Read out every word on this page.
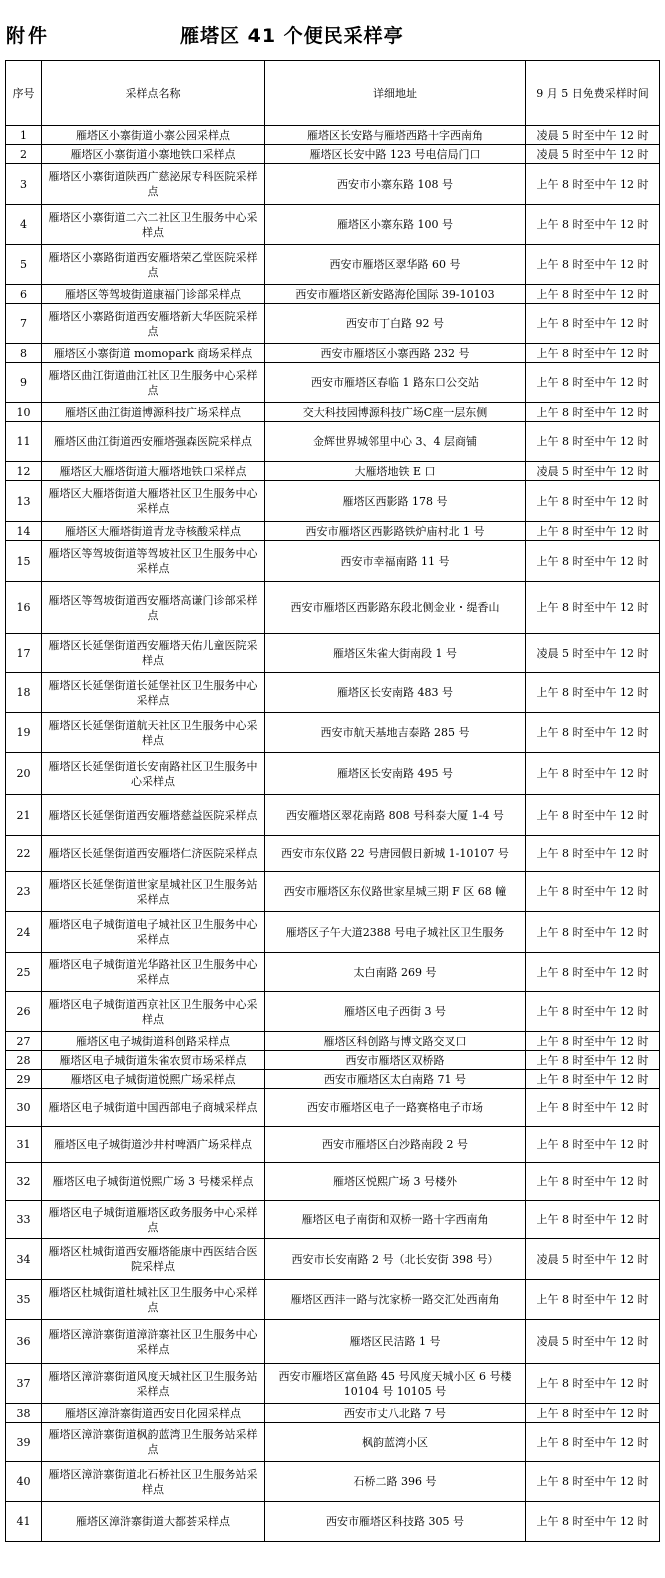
附件	雁塔区 41 个便民采样亭
序号	采样点名称	详细地址	9 月 5 日免费采样时间
1	雁塔区小寨街道小寨公园采样点	雁塔区长安路与雁塔西路十字西南角	凌晨 5 时至中午 12 时
2	雁塔区小寨街道小寨地铁口采样点	雁塔区长安中路 123 号电信局门口	凌晨 5 时至中午 12 时
3	雁塔区小寨街道陕西广慈泌尿专科医院采样点	西安市小寨东路 108 号	上午 8 时至中午 12 时
4	雁塔区小寨街道二六二社区卫生服务中心采样点	雁塔区小寨东路 100 号	上午 8 时至中午 12 时
5	雁塔区小寨路街道西安雁塔荣乙堂医院采样点	西安市雁塔区翠华路 60 号	上午 8 时至中午 12 时
6	雁塔区等驾坡街道康福门诊部采样点	西安市雁塔区新安路海伦国际 39-10103	上午 8 时至中午 12 时
7	雁塔区小寨路街道西安雁塔新大华医院采样点	西安市丁白路 92 号	上午 8 时至中午 12 时
8	雁塔区小寨街道 momopark 商场采样点	西安市雁塔区小寨西路 232 号	上午 8 时至中午 12 时
9	雁塔区曲江街道曲江社区卫生服务中心采样点	西安市雁塔区春临 1 路东口公交站	上午 8 时至中午 12 时
10	雁塔区曲江街道博源科技广场采样点	交大科技园博源科技广场C座一层东侧	上午 8 时至中午 12 时
11	雁塔区曲江街道西安雁塔强森医院采样点	金辉世界城邻里中心 3、4 层商铺	上午 8 时至中午 12 时
12	雁塔区大雁塔街道大雁塔地铁口采样点	大雁塔地铁 E 口	凌晨 5 时至中午 12 时
13	雁塔区大雁塔街道大雁塔社区卫生服务中心采样点	雁塔区西影路 178 号	上午 8 时至中午 12 时
14	雁塔区大雁塔街道青龙寺核酸采样点	西安市雁塔区西影路铁炉庙村北 1 号	上午 8 时至中午 12 时
15	雁塔区等驾坡街道等驾坡社区卫生服务中心采样点	西安市幸福南路 11 号	上午 8 时至中午 12 时
16	雁塔区等驾坡街道西安雁塔高谦门诊部采样点	西安市雁塔区西影路东段北侧金业・缇香山	上午 8 时至中午 12 时
17	雁塔区长延堡街道西安雁塔天佑儿童医院采样点	雁塔区朱雀大街南段 1 号	凌晨 5 时至中午 12 时
18	雁塔区长延堡街道长延堡社区卫生服务中心采样点	雁塔区长安南路 483 号	上午 8 时至中午 12 时
19	雁塔区长延堡街道航天社区卫生服务中心采样点	西安市航天基地吉泰路 285 号	上午 8 时至中午 12 时
20	雁塔区长延堡街道长安南路社区卫生服务中心采样点	雁塔区长安南路 495 号	上午 8 时至中午 12 时
21	雁塔区长延堡街道西安雁塔慈益医院采样点	西安雁塔区翠花南路 808 号科泰大厦 1-4 号	上午 8 时至中午 12 时
22	雁塔区长延堡街道西安雁塔仁济医院采样点	西安市东仪路 22 号唐园假日新城 1-10107 号	上午 8 时至中午 12 时
23	雁塔区长延堡街道世家星城社区卫生服务站采样点	西安市雁塔区东仪路世家星城三期 F 区 68 幢	上午 8 时至中午 12 时
24	雁塔区电子城街道电子城社区卫生服务中心采样点	雁塔区子午大道2388 号电子城社区卫生服务	上午 8 时至中午 12 时
25	雁塔区电子城街道光华路社区卫生服务中心采样点	太白南路 269 号	上午 8 时至中午 12 时
26	雁塔区电子城街道西京社区卫生服务中心采样点	雁塔区电子西街 3 号	上午 8 时至中午 12 时
27	雁塔区电子城街道科创路采样点	雁塔区科创路与博文路交叉口	上午 8 时至中午 12 时
28	雁塔区电子城街道朱雀农贸市场采样点	西安市雁塔区双桥路	上午 8 时至中午 12 时
29	雁塔区电子城街道悦熙广场采样点	西安市雁塔区太白南路 71 号	上午 8 时至中午 12 时
30	雁塔区电子城街道中国西部电子商城采样点	西安市雁塔区电子一路赛格电子市场	上午 8 时至中午 12 时
31	雁塔区电子城街道沙井村啤酒广场采样点	西安市雁塔区白沙路南段 2 号	上午 8 时至中午 12 时
32	雁塔区电子城街道悦熙广场 3 号楼采样点	雁塔区悦熙广场 3 号楼外	上午 8 时至中午 12 时
33	雁塔区电子城街道雁塔区政务服务中心采样点	雁塔区电子南街和双桥一路十字西南角	上午 8 时至中午 12 时
34	雁塔区杜城街道西安雁塔能康中西医结合医院采样点	西安市长安南路 2 号（北长安街 398 号）	凌晨 5 时至中午 12 时
35	雁塔区杜城街道杜城社区卫生服务中心采样点	雁塔区西沣一路与沈家桥一路交汇处西南角	上午 8 时至中午 12 时
36	雁塔区漳浒寨街道漳浒寨社区卫生服务中心采样点	雁塔区民洁路 1 号	凌晨 5 时至中午 12 时
37	雁塔区漳浒寨街道风度天城社区卫生服务站采样点	西安市雁塔区富鱼路 45 号风度天城小区 6 号楼 10104 号 10105 号	上午 8 时至中午 12 时
38	雁塔区漳浒寨街道西安日化园采样点	西安市丈八北路 7 号	上午 8 时至中午 12 时
39	雁塔区漳浒寨街道枫韵蓝湾卫生服务站采样点	枫韵蓝湾小区	上午 8 时至中午 12 时
40	雁塔区漳浒寨街道北石桥社区卫生服务站采样点	石桥二路 396 号	上午 8 时至中午 12 时
41	雁塔区漳浒寨街道大都荟采样点	西安市雁塔区科技路 305 号	上午 8 时至中午 12 时
